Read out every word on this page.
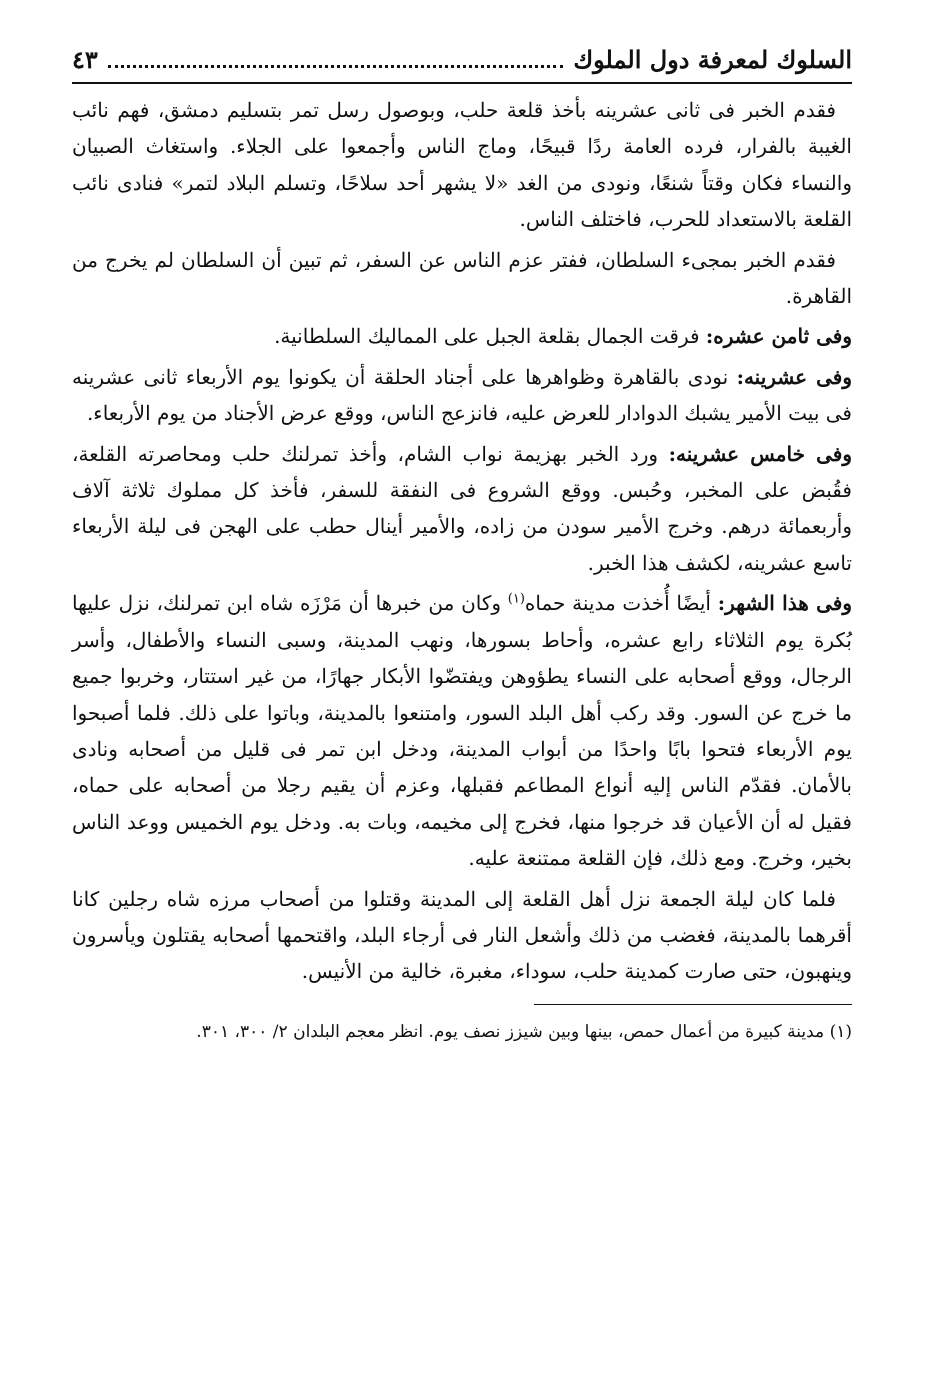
السلوك لمعرفة دول الملوك
٤٣

فقدم الخبر فى ثانى عشرينه بأخذ قلعة حلب، وبوصول رسل تمر بتسليم دمشق، فهم نائب الغيبة بالفرار، فرده العامة ردًا قبيحًا، وماج الناس وأجمعوا على الجلاء. واستغاث الصبيان والنساء فكان وقتاً شنعًا، ونودى من الغد «لا يشهر أحد سلاحًا، وتسلم البلاد لتمر» فنادى نائب القلعة بالاستعداد للحرب، فاختلف الناس.

فقدم الخبر بمجىء السلطان، ففتر عزم الناس عن السفر، ثم تبين أن السلطان لم يخرج من القاهرة.

وفى ثامن عشره: فرقت الجمال بقلعة الجبل على المماليك السلطانية.

وفى عشرينه: نودى بالقاهرة وظواهرها على أجناد الحلقة أن يكونوا يوم الأربعاء ثانى عشرينه فى بيت الأمير يشبك الدوادار للعرض عليه، فانزعج الناس، ووقع عرض الأجناد من يوم الأربعاء.

وفى خامس عشرينه: ورد الخبر بهزيمة نواب الشام، وأخذ تمرلنك حلب ومحاصرته القلعة، فقُبض على المخبر، وحُبس. ووقع الشروع فى النفقة للسفر، فأخذ كل مملوك ثلاثة آلاف وأربعمائة درهم. وخرج الأمير سودن من زاده، والأمير أينال حطب على الهجن فى ليلة الأربعاء تاسع عشرينه، لكشف هذا الخبر.

وفى هذا الشهر: أيضًا أُخذت مدينة حماه$^{(١)}$ وكان من خبرها أن مَرْزَه شاه ابن تمرلنك، نزل عليها بُكرة يوم الثلاثاء رابع عشره، وأحاط بسورها، ونهب المدينة، وسبى النساء والأطفال، وأسر الرجال، ووقع أصحابه على النساء يطؤوهن ويفتضّوا الأبكار جهارًا، من غير استتار، وخربوا جميع ما خرج عن السور. وقد ركب أهل البلد السور، وامتنعوا بالمدينة، وباتوا على ذلك. فلما أصبحوا يوم الأربعاء فتحوا بابًا واحدًا من أبواب المدينة، ودخل ابن تمر فى قليل من أصحابه ونادى بالأمان. فقدّم الناس إليه أنواع المطاعم فقبلها، وعزم أن يقيم رجلا من أصحابه على حماه، فقيل له أن الأعيان قد خرجوا منها، فخرج إلى مخيمه، وبات به. ودخل يوم الخميس ووعد الناس بخير، وخرج. ومع ذلك، فإن القلعة ممتنعة عليه.

فلما كان ليلة الجمعة نزل أهل القلعة إلى المدينة وقتلوا من أصحاب مرزه شاه رجلين كانا أقرهما بالمدينة، فغضب من ذلك وأشعل النار فى أرجاء البلد، واقتحمها أصحابه يقتلون ويأسرون وينهبون، حتى صارت كمدينة حلب، سوداء، مغبرة، خالية من الأنيس.

(١) مدينة كبيرة من أعمال حمص، بينها وبين شيزز نصف يوم. انظر معجم البلدان ٢/ ٣٠٠، ٣٠١.
